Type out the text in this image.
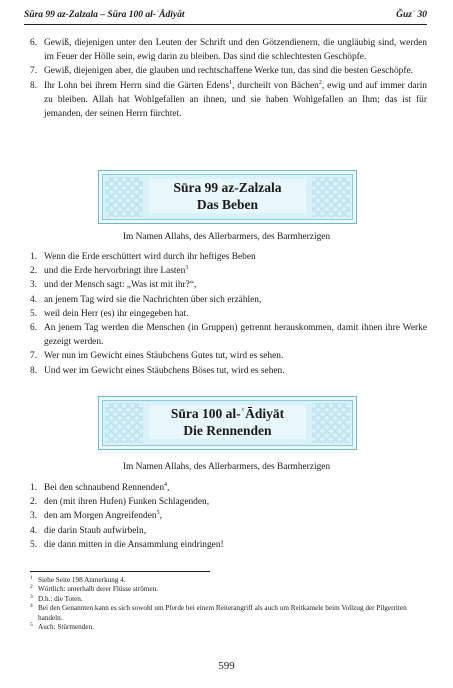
Sūra 99 az-Zalzala – Sūra 100 al-ʿĀdiyāt	Ǧuzʾ 30
6. Gewiß, diejenigen unter den Leuten der Schrift und den Götzendienern, die ungläubig sind, werden im Feuer der Hölle sein, ewig darin zu bleiben. Das sind die schlechtesten Geschöpfe.
7. Gewiß, diejenigen aber, die glauben und rechtschaffene Werke tun, das sind die besten Geschöpfe.
8. Ihr Lohn bei ihrem Herrn sind die Gärten Edens$^1$, durcheilt von Bächen$^2$, ewig und auf immer darin zu bleiben. Allah hat Wohlgefallen an ihnen, und sie haben Wohlgefallen an Ihm; das ist für jemanden, der seinen Herrn fürchtet.
Sūra 99 az-Zalzala
Das Beben
Im Namen Allahs, des Allerbarmers, des Barmherzigen
1. Wenn die Erde erschüttert wird durch ihr heftiges Beben
2. und die Erde hervorbringt ihre Lasten$^3$
3. und der Mensch sagt: „Was ist mit ihr?“,
4. an jenem Tag wird sie die Nachrichten über sich erzählen,
5. weil dein Herr (es) ihr eingegeben hat.
6. An jenem Tag werden die Menschen (in Gruppen) getrennt herauskommen, damit ihnen ihre Werke gezeigt werden.
7. Wer nun im Gewicht eines Stäubchens Gutes tut, wird es sehen.
8. Und wer im Gewicht eines Stäubchens Böses tut, wird es sehen.
Sūra 100 al-ʿĀdiyāt
Die Rennenden
Im Namen Allahs, des Allerbarmers, des Barmherzigen
1. Bei den schnaubend Rennenden$^4$,
2. den (mit ihren Hufen) Funken Schlagenden,
3. den am Morgen Angreifenden$^5$,
4. die darin Staub aufwirbeln,
5. die dann mitten in die Ansammlung eindringen!
1 Siehe Seite 198 Anmerkung 4.
2 Wörtlich: unterhalb derer Flüsse strömen.
3 D.h.: die Toten.
4 Bei den Genannten kann es sich sowohl um Pferde bei einem Reiterangriff als auch um Reitkamele beim Vollzug der Pilgerriten handeln.
5 Auch: Stürmenden.
599
